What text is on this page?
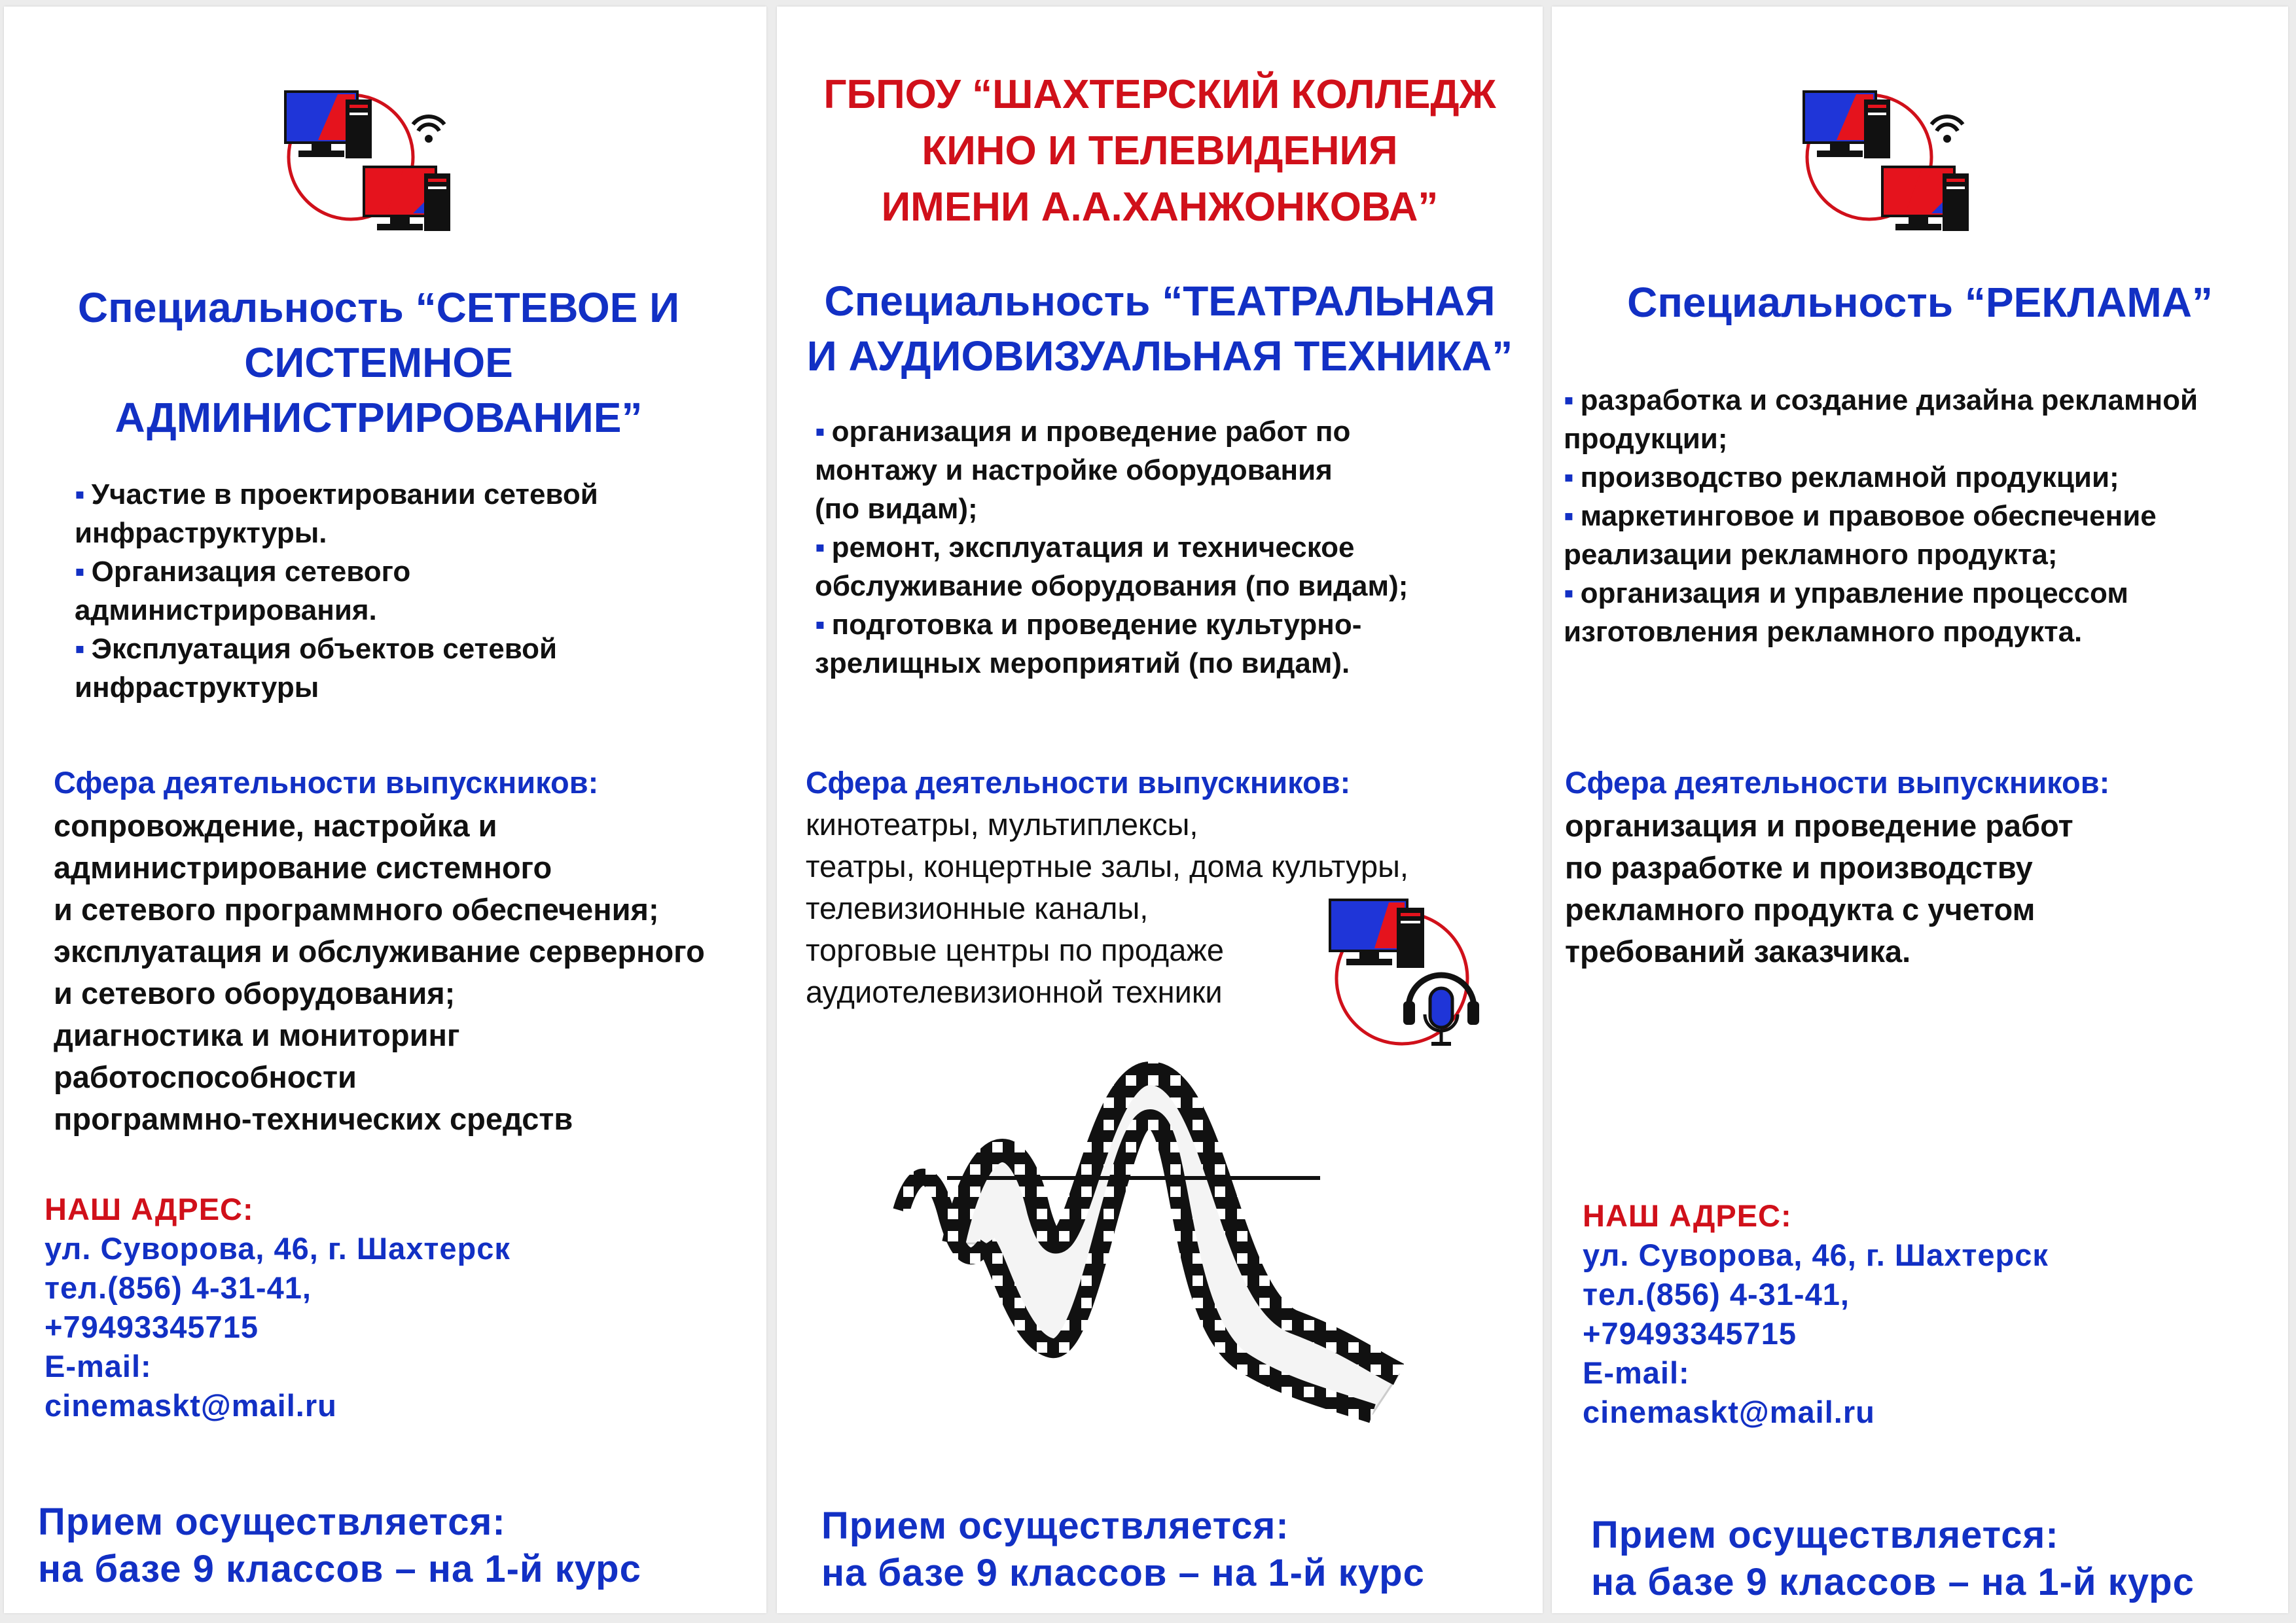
Специальность “СЕТЕВОЕ И
СИСТЕМНОЕ
АДМИНИСТРИРОВАНИЕ”
▪ Участие в проектировании сетевой
инфраструктуры.
▪ Организация сетевого
администрирования.
▪ Эксплуатация объектов сетевой
инфраструктуры
Сфера деятельности выпускников:
сопровождение, настройка и
администрирование системного
и сетевого программного обеспечения;
эксплуатация и обслуживание серверного
и сетевого оборудования;
диагностика и мониторинг
работоспособности
программно-технических средств
НАШ АДРЕС:
ул. Суворова, 46, г. Шахтерск
тел.(856) 4-31-41,
+79493345715
E-mail:
cinemaskt@mail.ru
Прием осуществляется:
на базе 9 классов – на 1-й курс
ГБПОУ “ШАХТЕРСКИЙ КОЛЛЕДЖ
КИНО И ТЕЛЕВИДЕНИЯ
ИМЕНИ А.А.ХАНЖОНКОВА”
Специальность “ТЕАТРАЛЬНАЯ
И АУДИОВИЗУАЛЬНАЯ ТЕХНИКА”
▪ организация и проведение работ по
монтажу и настройке оборудования
(по видам);
▪ ремонт, эксплуатация и техническое
обслуживание оборудования (по видам);
▪ подготовка и проведение культурно-
зрелищных мероприятий (по видам).
Сфера деятельности выпускников:
кинотеатры, мультиплексы,
театры, концертные залы, дома культуры,
телевизионные каналы,
торговые центры по продаже
аудиотелевизионной техники
Прием осуществляется:
на базе 9 классов – на 1-й курс
Специальность “РЕКЛАМА”
▪ разработка и создание дизайна рекламной
продукции;
▪ производство рекламной продукции;
▪ маркетинговое и правовое обеспечение
реализации рекламного продукта;
▪ организация и управление процессом
изготовления рекламного продукта.
Сфера деятельности выпускников:
организация и проведение работ
по разработке и производству
рекламного продукта с учетом
требований заказчика.
НАШ АДРЕС:
ул. Суворова, 46, г. Шахтерск
тел.(856) 4-31-41,
+79493345715
E-mail:
cinemaskt@mail.ru
Прием осуществляется:
на базе 9 классов – на 1-й курс
